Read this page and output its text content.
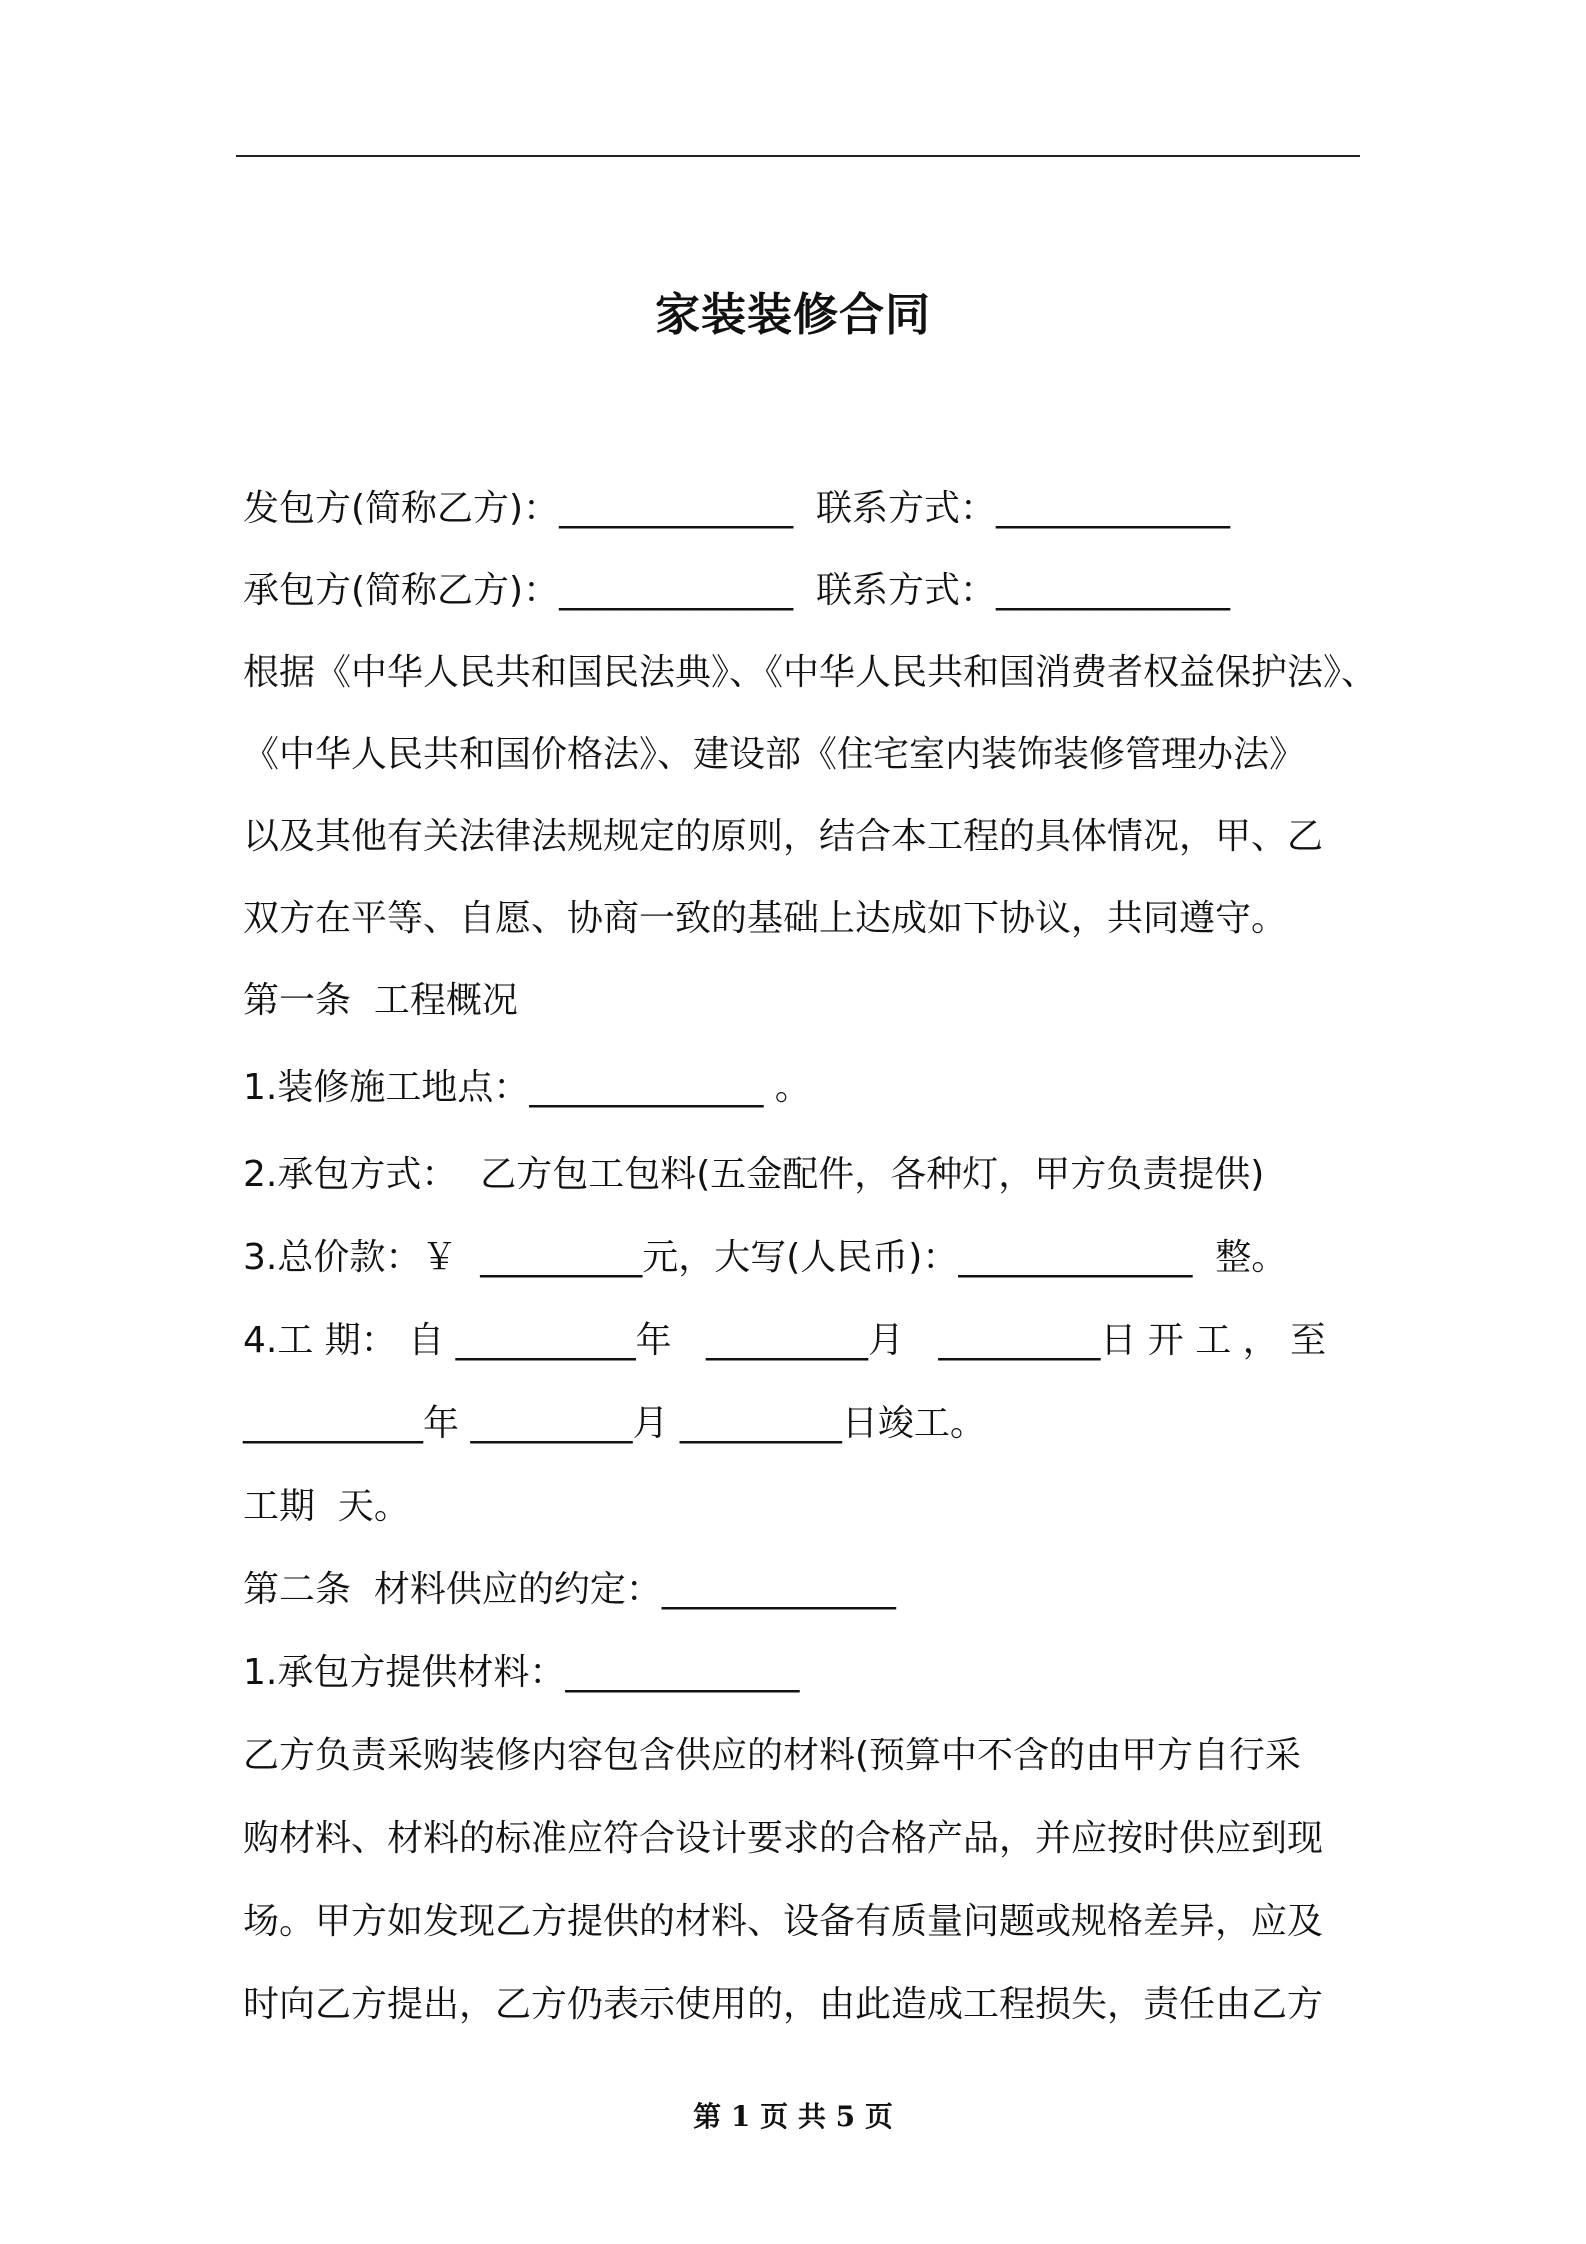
家装装修合同
发包方(简称乙方)：_____________  联系方式：_____________
承包方(简称乙方)：_____________  联系方式：_____________
根据《中华人民共和国民法典》、《中华人民共和国消费者权益保护法》、
《中华人民共和国价格法》、建设部《住宅室内装饰装修管理办法》
以及其他有关法律法规规定的原则，结合本工程的具体情况，甲、乙
双方在平等、自愿、协商一致的基础上达成如下协议，共同遵守。
第一条  工程概况
1.装修施工地点：_____________ 。
2.承包方式：  乙方包工包料(五金配件，各种灯，甲方负责提供)
3.总价款：￥  _________元，大写(人民币)：_____________  整。
4.工 期： 自 __________年   _________月   _________日 开 工 ， 至
__________年 _________月 _________日竣工。
工期  天。
第二条  材料供应的约定：_____________
1.承包方提供材料：_____________
乙方负责采购装修内容包含供应的材料(预算中不含的由甲方自行采
购材料、材料的标准应符合设计要求的合格产品，并应按时供应到现
场。甲方如发现乙方提供的材料、设备有质量问题或规格差异，应及
时向乙方提出，乙方仍表示使用的，由此造成工程损失，责任由乙方
第 1 页 共 5 页
